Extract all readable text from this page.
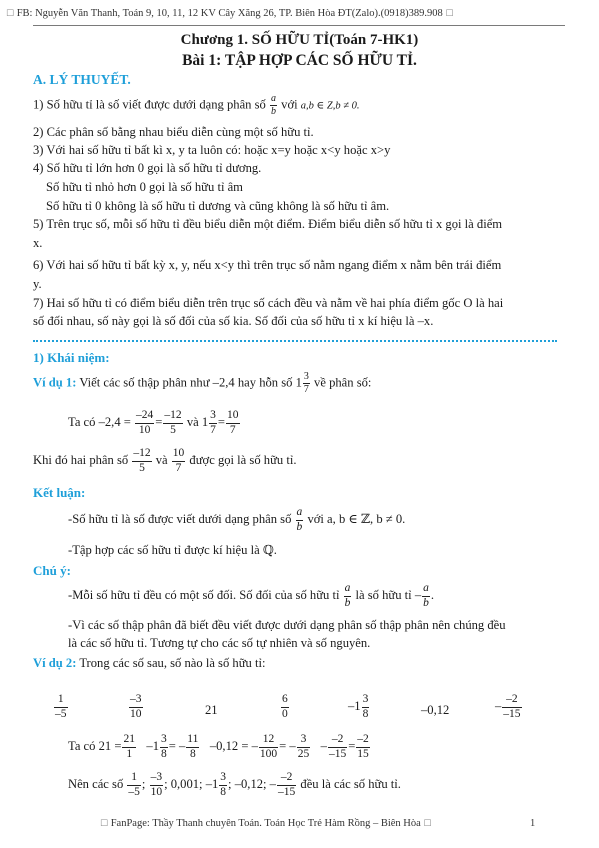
☐ FB: Nguyễn Văn Thanh, Toán 9, 10, 11, 12 KV Cây Xăng 26, TP. Biên Hòa ĐT(Zalo).(0918)389.908 ☐
Chương 1. SỐ HỮU TỈ(Toán 7-HK1)
Bài 1: TẬP HỢP CÁC SỐ HỮU TỈ.
A. LÝ THUYẾT.
1) Số hữu tỉ là số viết được dưới dạng phân số $\frac{a}{b}$ với a,b ∈ Z,b ≠ 0.
2) Các phân số bằng nhau biểu diễn cùng một số hữu tỉ.
3) Với hai số hữu tỉ bất kì x, y ta luôn có: hoặc x=y hoặc x<y hoặc x>y
4) Số hữu tỉ lớn hơn 0 gọi là số hữu tỉ dương.
Số hữu tỉ nhỏ hơn 0 gọi là số hữu tỉ âm
Số hữu tỉ 0 không là số hữu tỉ dương và cũng không là số hữu tỉ âm.
5) Trên trục số, mỗi số hữu tỉ đều biểu diễn một điểm. Điểm biểu diễn số hữu tỉ x gọi là điểm
x.
6) Với hai số hữu tỉ bất kỳ x, y, nếu x<y thì trên trục số nằm ngang điểm x nằm bên trái điểm
y.
7) Hai số hữu tỉ có điểm biểu diễn trên trục số cách đều và nằm về hai phía điểm gốc O là hai
số đối nhau, số này gọi là số đối của số kia. Số đối của số hữu tỉ x kí hiệu là –x.
1) Khái niệm:
Ví dụ 1: Viết các số thập phân như –2,4 hay hỗn số $1 \frac{3}{7}$ về phân số:
Ta có $-2,4 = \frac{-24}{10} = \frac{-12}{5}$ và $1 \frac{3}{7} = \frac{10}{7}$
Khi đó hai phân số $\frac{-12}{5}$ và $\frac{10}{7}$ được gọi là số hữu tỉ.
Kết luận:
-Số hữu tỉ là số được viết dưới dạng phân số $\frac{a}{b}$ với a, b ∈ ℤ, b ≠ 0.
-Tập hợp các số hữu tỉ được kí hiệu là ℚ.
Chú ý:
-Mỗi số hữu tỉ đều có một số đối. Số đối của số hữu tỉ $\frac{a}{b}$ là số hữu tỉ – $\frac{a}{b}$ .
-Vì các số thập phân đã biết đều viết được dưới dạng phân số thập phân nên chúng đều
là các số hữu tỉ. Tương tự cho các số tự nhiên và số nguyên.
Ví dụ 2: Trong các số sau, số nào là số hữu tỉ:
$\frac{1}{-5}$	$\frac{-3}{10}$	21	$\frac{6}{0}$	$-1 \frac{3}{8}$	–0,12	– $\frac{-2}{-15}$
Ta có $21 = \frac{21}{1} -1 \frac{3}{8}$ = – $\frac{11}{8} -0,12$ = – $\frac{12}{100}$ = – $\frac{3}{25} - \frac{-2}{-15} = \frac{-2}{15}$
Nên các số $\frac{1}{-5}$ ; $\frac{-3}{10}$ ; 0,001; $-1 \frac{3}{8}$ ; –0,12; – $\frac{-2}{-15}$ đều là các số hữu tỉ.
☐ FanPage: Thầy Thanh chuyên Toán. Toán Học Trẻ Hàm Rồng – Biên Hòa ☐	1
